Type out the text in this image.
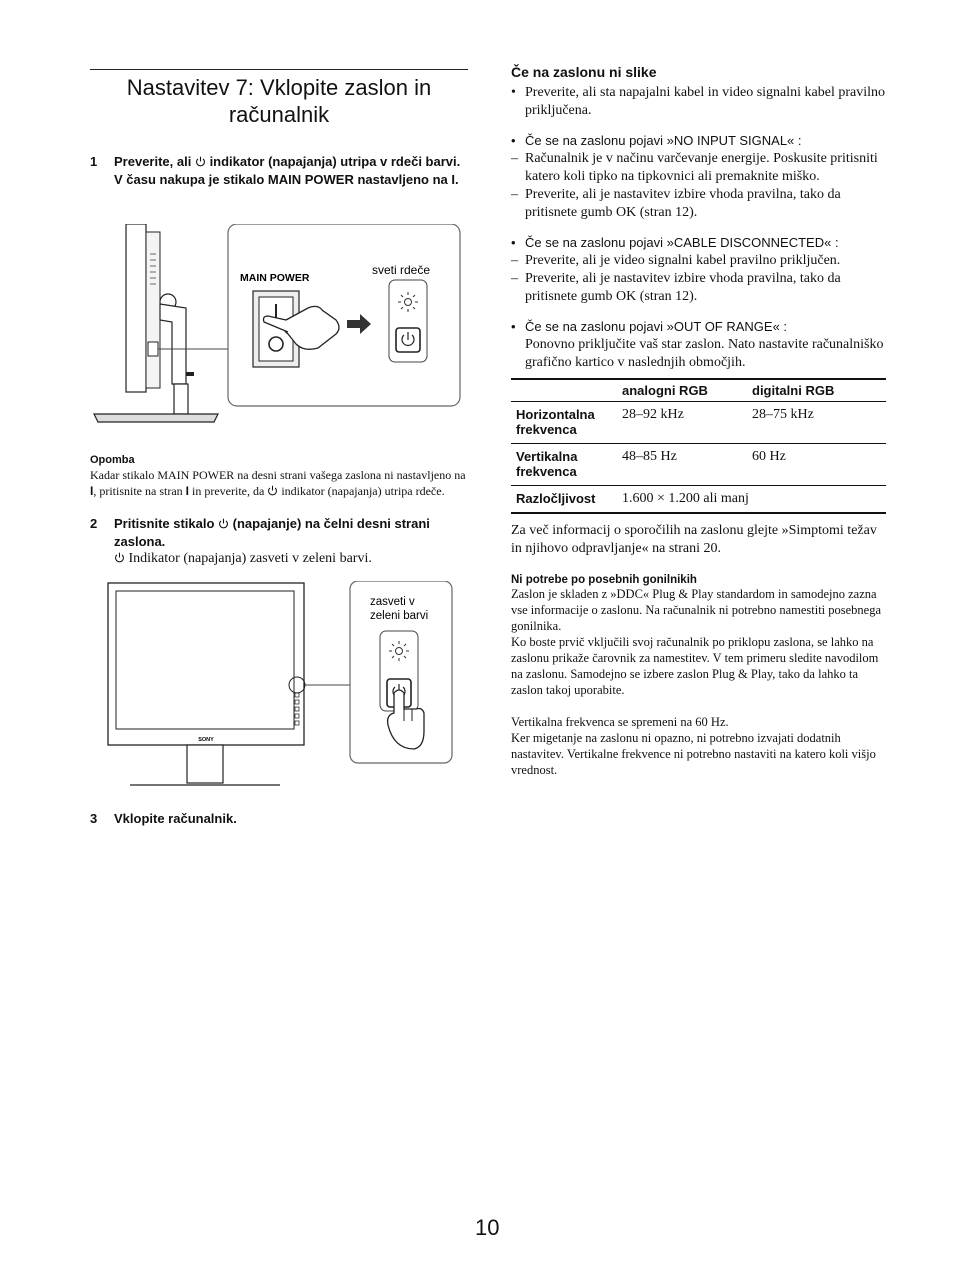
Nastavitev 7: Vklopite zaslon in računalnik
1 Preverite, ali
indikator (napajanja) utripa v rdeči barvi. V času nakupa je stikalo MAIN POWER nastavljeno na I.
MAIN POWER
sveti rdeče
Opomba
Kadar stikalo MAIN POWER na desni strani vašega zaslona ni nastavljeno na I, pritisnite na stran I in preverite, da
indikator (napajanja) utripa rdeče.
2 Pritisnite stikalo
(napajanje) na čelni desni strani zaslona.
Indikator (napajanja) zasveti v zeleni barvi.
SONY
zasveti v
zeleni barvi
3 Vklopite računalnik.
Če na zaslonu ni slike
• Preverite, ali sta napajalni kabel in video signalni kabel pravilno priključena.
• Če se na zaslonu pojavi »NO INPUT SIGNAL« :
– Računalnik je v načinu varčevanje energije. Poskusite pritisniti katero koli tipko na tipkovnici ali premaknite miško.
– Preverite, ali je nastavitev izbire vhoda pravilna, tako da pritisnete gumb OK (stran 12).
• Če se na zaslonu pojavi »CABLE DISCONNECTED« :
– Preverite, ali je video signalni kabel pravilno priključen.
– Preverite, ali je nastavitev izbire vhoda pravilna, tako da pritisnete gumb OK (stran 12).
• Če se na zaslonu pojavi »OUT OF RANGE« :
Ponovno priključite vaš star zaslon. Nato nastavite računalniško grafično kartico v naslednjih območjih.
	analogni RGB	digitalni RGB
Horizontalna frekvenca	28–92 kHz	28–75 kHz
Vertikalna frekvenca	48–85 Hz	60 Hz
Razločljivost	1.600 × 1.200 ali manj	
Za več informacij o sporočilih na zaslonu glejte »Simptomi težav in njihovo odpravljanje« na strani 20.
Ni potrebe po posebnih gonilnikih
Zaslon je skladen z »DDC« Plug & Play standardom in samodejno zazna vse informacije o zaslonu. Na računalnik ni potrebno namestiti posebnega gonilnika.
Ko boste prvič vključili svoj računalnik po priklopu zaslona, se lahko na zaslonu prikaže čarovnik za namestitev. V tem primeru sledite navodilom na zaslonu. Samodejno se izbere zaslon Plug & Play, tako da lahko ta zaslon takoj uporabite.
Vertikalna frekvenca se spremeni na 60 Hz.
Ker migetanje na zaslonu ni opazno, ni potrebno izvajati dodatnih nastavitev. Vertikalne frekvence ni potrebno nastaviti na katero koli višjo vrednost.
10
